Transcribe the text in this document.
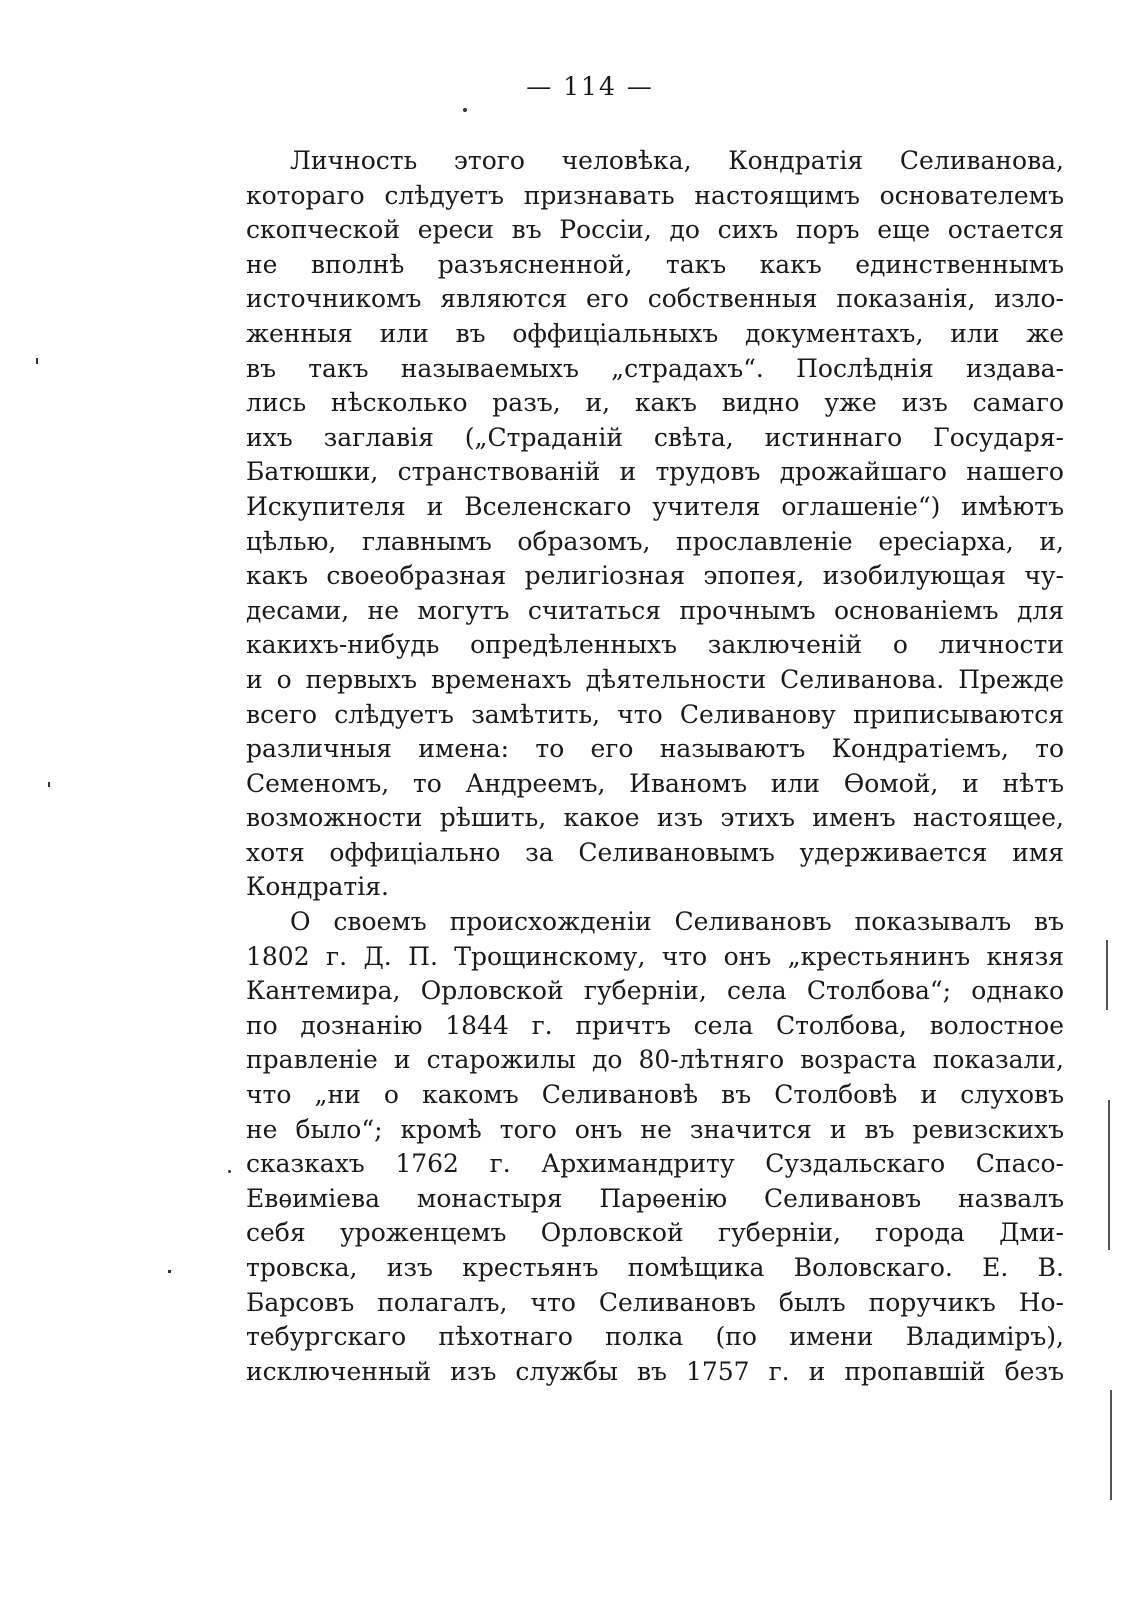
— 114 —
Личность этого человѣка, Кондратія Селиванова,
котораго слѣдуетъ признавать настоящимъ основателемъ
скопческой ереси въ Россіи, до сихъ поръ еще остается
не вполнѣ разъясненной, такъ какъ единственнымъ
источникомъ являются его собственныя показанія, изло-
женныя или въ оффиціальныхъ документахъ, или же
въ такъ называемыхъ „страдахъ“. Послѣднія издава-
лись нѣсколько разъ, и, какъ видно уже изъ самаго
ихъ заглавія („Страданій свѣта, истиннаго Государя-
Батюшки, странствованій и трудовъ дрожайшаго нашего
Искупителя и Вселенскаго учителя оглашеніе“) имѣютъ
цѣлью, главнымъ образомъ, прославленіе ересіарха, и,
какъ своеобразная религіозная эпопея, изобилующая чу-
десами, не могутъ считаться прочнымъ основаніемъ для
какихъ-нибудь опредѣленныхъ заключеній о личности
и о первыхъ временахъ дѣятельности Селиванова. Прежде
всего слѣдуетъ замѣтить, что Селиванову приписываются
различныя имена: то его называютъ Кондратіемъ, то
Семеномъ, то Андреемъ, Иваномъ или Ѳомой, и нѣтъ
возможности рѣшить, какое изъ этихъ именъ настоящее,
хотя оффиціально за Селивановымъ удерживается имя
Кондратія.
О своемъ происхожденіи Селивановъ показывалъ въ
1802 г. Д. П. Трощинскому, что онъ „крестьянинъ князя
Кантемира, Орловской губерніи, села Столбова“; однако
по дознанію 1844 г. причтъ села Столбова, волостное
правленіе и старожилы до 80-лѣтняго возраста показали,
что „ни о какомъ Селивановѣ въ Столбовѣ и слуховъ
не было“; кромѣ того онъ не значится и въ ревизскихъ
сказкахъ 1762 г. Архимандриту Суздальскаго Спасо-
Евѳиміева монастыря Парѳенію Селивановъ назвалъ
себя уроженцемъ Орловской губерніи, города Дми-
тровска, изъ крестьянъ помѣщика Воловскаго. Е. В.
Барсовъ полагалъ, что Селивановъ былъ поручикъ Но-
тебургскаго пѣхотнаго полка (по имени Владиміръ),
исключенный изъ службы въ 1757 г. и пропавшій безъ
